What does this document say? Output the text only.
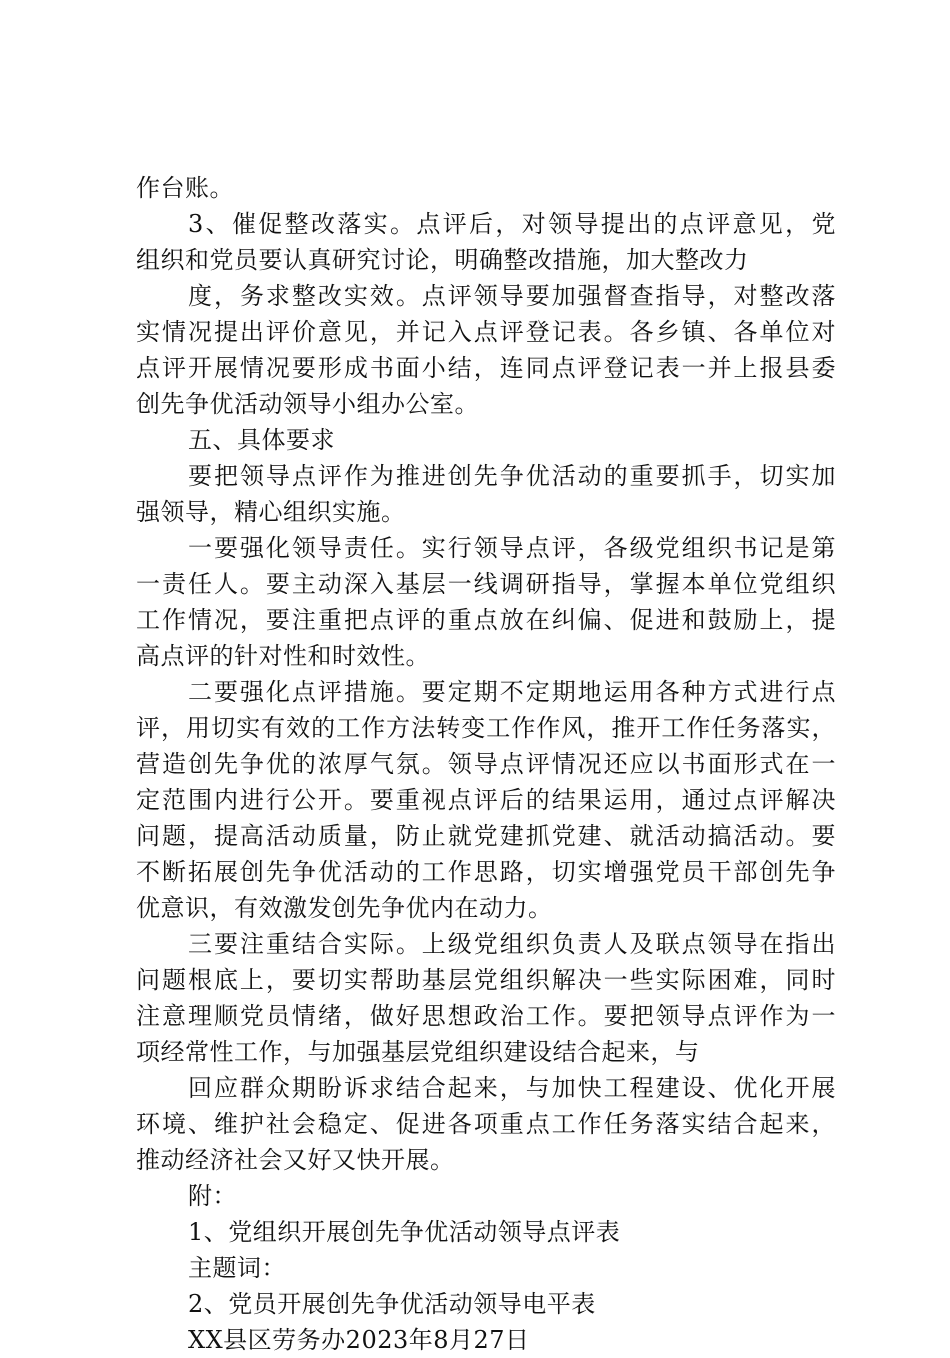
作台账。
3、催促整改落实。点评后，对领导提出的点评意见，党
组织和党员要认真研究讨论，明确整改措施，加大整改力
度，务求整改实效。点评领导要加强督查指导，对整改落
实情况提出评价意见，并记入点评登记表。各乡镇、各单位对
点评开展情况要形成书面小结，连同点评登记表一并上报县委
创先争优活动领导小组办公室。
五、具体要求
要把领导点评作为推进创先争优活动的重要抓手，切实加
强领导，精心组织实施。
一要强化领导责任。实行领导点评，各级党组织书记是第
一责任人。要主动深入基层一线调研指导，掌握本单位党组织
工作情况，要注重把点评的重点放在纠偏、促进和鼓励上，提
高点评的针对性和时效性。
二要强化点评措施。要定期不定期地运用各种方式进行点
评，用切实有效的工作方法转变工作作风，推开工作任务落实，
营造创先争优的浓厚气氛。领导点评情况还应以书面形式在一
定范围内进行公开。要重视点评后的结果运用，通过点评解决
问题，提高活动质量，防止就党建抓党建、就活动搞活动。要
不断拓展创先争优活动的工作思路，切实增强党员干部创先争
优意识，有效激发创先争优内在动力。
三要注重结合实际。上级党组织负责人及联点领导在指出
问题根底上，要切实帮助基层党组织解决一些实际困难，同时
注意理顺党员情绪，做好思想政治工作。要把领导点评作为一
项经常性工作，与加强基层党组织建设结合起来，与
回应群众期盼诉求结合起来，与加快工程建设、优化开展
环境、维护社会稳定、促进各项重点工作任务落实结合起来，
推动经济社会又好又快开展。
附：
1、党组织开展创先争优活动领导点评表
主题词：
2、党员开展创先争优活动领导电平表
XX县区劳务办2023年8月27日
